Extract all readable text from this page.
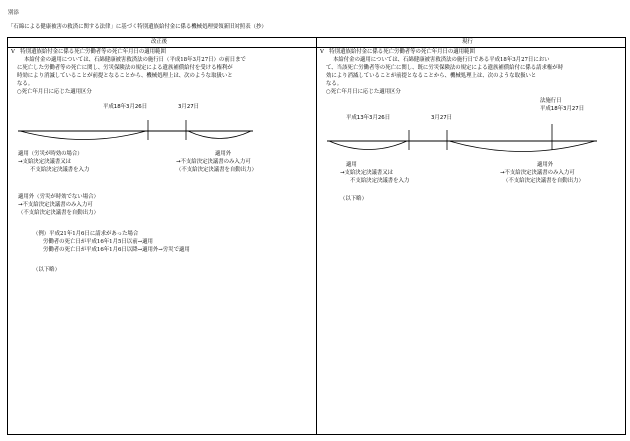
別添
「石綿による健康被害の救済に関する法律」に基づく特別遺族給付金に係る機械処理要領新旧対照表（抄）
改正後	現行
V　特別遺族給付金に係る死亡労働者等の死亡年月日の適用範囲
本給付金の適用については、石綿健康被害救済法の施行日（平成18年3月27日）の前日まで
に死亡した労働者等の死亡に関し、労災保険法の規定による遺族補償給付を受ける権利が
時効により消滅していることが前提となることから、機械処理上は、次のような取扱いと
なる。
○死亡年月日に応じた適用区分
平成18年3月26日	3月27日
適用（労災が時効の場合）
→支給決定決議書又は
不支給決定決議書を入力
適用外
→不支給決定決議書のみ入力可
（不支給決定決議書を自動出力）
適用外（労災が時効でない場合）
→不支給決定決議書のみ入力可
（不支給決定決議書を自動出力）
（例）平成21年1月6日に請求があった場合
労働者の死亡日が平成16年1月5日以前→適用
労働者の死亡日が平成16年1月6日以降→適用外→労災で適用
（以下略）
V　特別遺族給付金に係る死亡労働者等の死亡年月日の適用範囲
本給付金の適用については、石綿健康被害救済法の施行日である平成18年3月27日におい
て、当該死亡労働者等の死亡に関し、既に労災保険法の規定による遺族補償給付に係る請求権が時
効により消滅していることが前提となることから、機械処理上は、次のような取扱いと
なる。
○死亡年月日に応じた適用区分
法施行日
平成18年3月27日
平成13年3月26日	3月27日
適用
→支給決定決議書又は
不支給決定決議書を入力
適用外
→不支給決定決議書のみ入力可
（不支給決定決議書を自動出力）
（以下略）
